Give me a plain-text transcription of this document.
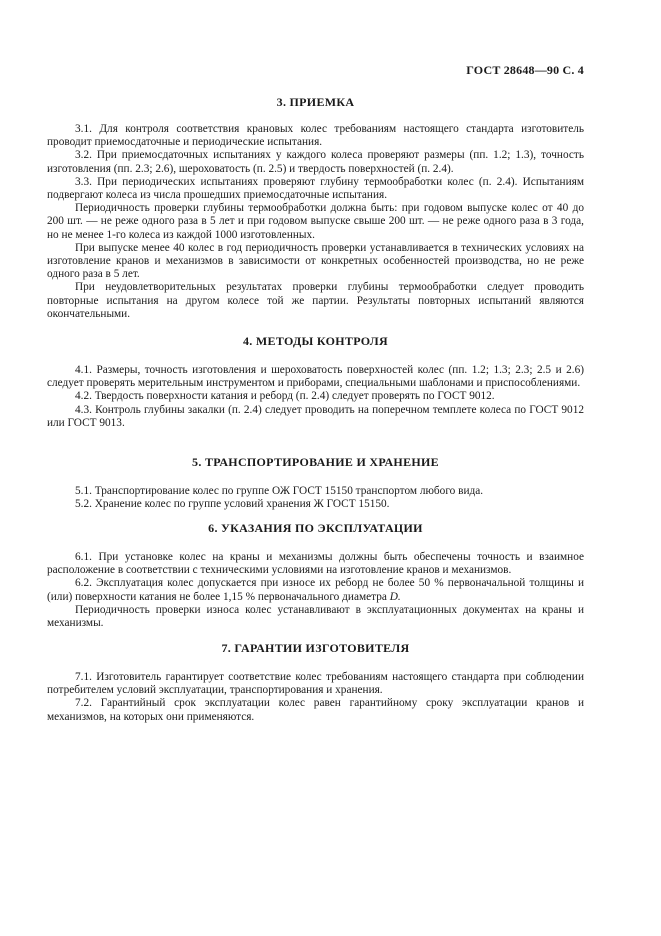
ГОСТ 28648—90 С. 4
3. ПРИЕМКА

3.1. Для контроля соответствия крановых колес требованиям настоящего стандарта изготовитель проводит приемосдаточные и периодические испытания.

3.2. При приемосдаточных испытаниях у каждого колеса проверяют размеры (пп. 1.2; 1.3), точность изготовления (пп. 2.3; 2.6), шероховатость (п. 2.5) и твердость поверхностей (п. 2.4).

3.3. При периодических испытаниях проверяют глубину термообработки колес (п. 2.4). Испытаниям подвергают колеса из числа прошедших приемосдаточные испытания.

Периодичность проверки глубины термообработки должна быть: при годовом выпуске колес от 40 до 200 шт. — не реже одного раза в 5 лет и при годовом выпуске свыше 200 шт. — не реже одного раза в 3 года, но не менее 1-го колеса из каждой 1000 изготовленных.

При выпуске менее 40 колес в год периодичность проверки устанавливается в технических условиях на изготовление кранов и механизмов в зависимости от конкретных особенностей производства, но не реже одного раза в 5 лет.

При неудовлетворительных результатах проверки глубины термообработки следует проводить повторные испытания на другом колесе той же партии. Результаты повторных испытаний являются окончательными.

4. МЕТОДЫ КОНТРОЛЯ

4.1. Размеры, точность изготовления и шероховатость поверхностей колес (пп. 1.2; 1.3; 2.3; 2.5 и 2.6) следует проверять мерительным инструментом и приборами, специальными шаблонами и приспособлениями.

4.2. Твердость поверхности катания и реборд (п. 2.4) следует проверять по ГОСТ 9012.

4.3. Контроль глубины закалки (п. 2.4) следует проводить на поперечном темплете колеса по ГОСТ 9012 или ГОСТ 9013.

5. ТРАНСПОРТИРОВАНИЕ И ХРАНЕНИЕ

5.1. Транспортирование колес по группе ОЖ ГОСТ 15150 транспортом любого вида.

5.2. Хранение колес по группе условий хранения Ж ГОСТ 15150.

6. УКАЗАНИЯ ПО ЭКСПЛУАТАЦИИ

6.1. При установке колес на краны и механизмы должны быть обеспечены точность и взаимное расположение в соответствии с техническими условиями на изготовление кранов и механизмов.

6.2. Эксплуатация колес допускается при износе их реборд не более 50 % первоначальной толщины и (или) поверхности катания не более 1,15 % первоначального диаметра D.

Периодичность проверки износа колес устанавливают в эксплуатационных документах на краны и механизмы.

7. ГАРАНТИИ ИЗГОТОВИТЕЛЯ

7.1. Изготовитель гарантирует соответствие колес требованиям настоящего стандарта при соблюдении потребителем условий эксплуатации, транспортирования и хранения.

7.2. Гарантийный срок эксплуатации колес равен гарантийному сроку эксплуатации кранов и механизмов, на которых они применяются.
